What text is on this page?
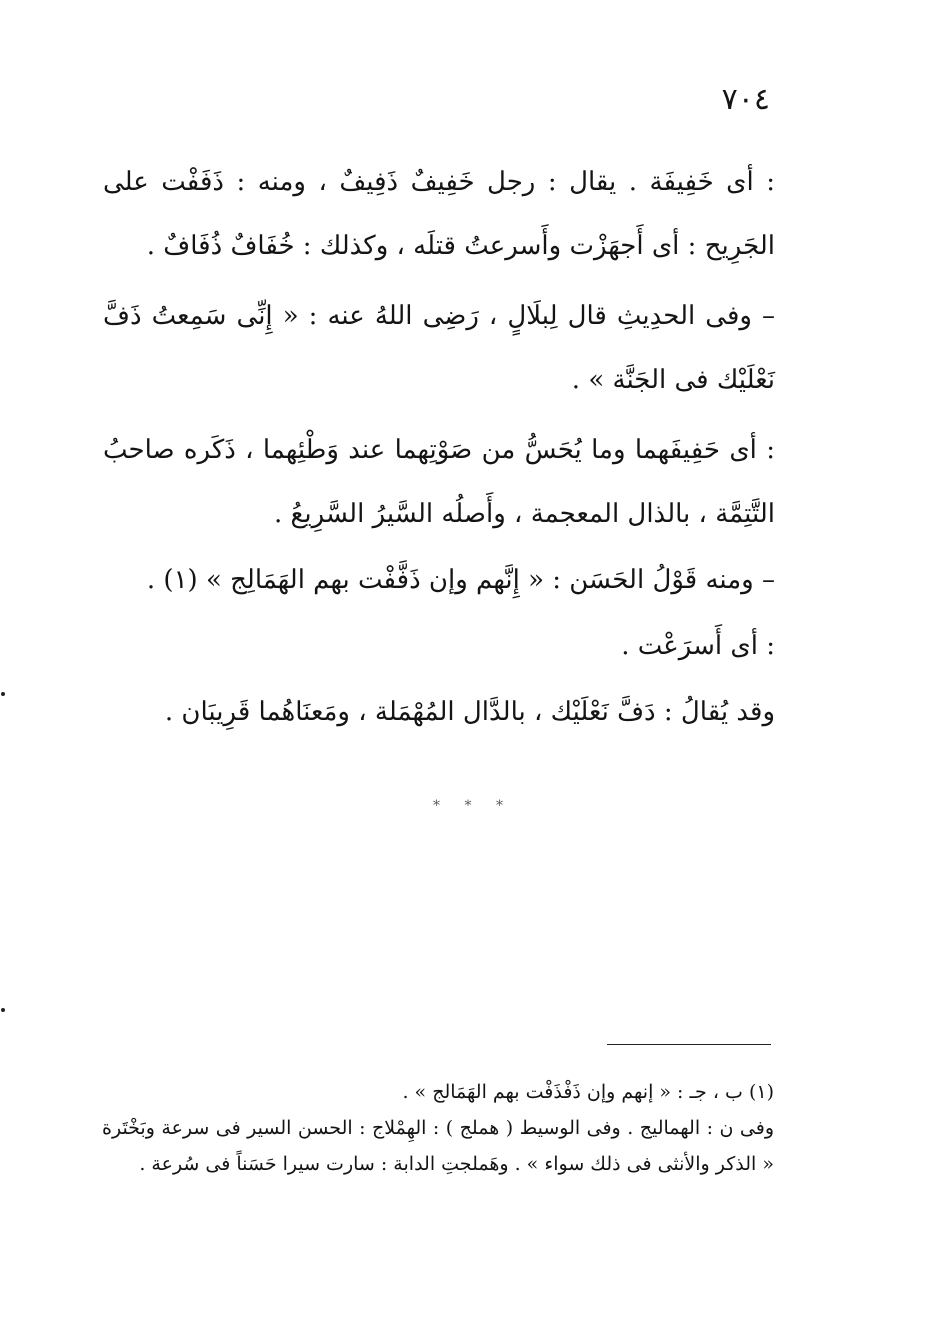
٧٠٤

: أى خَفِيفَة . يقال : رجل خَفِيفٌ ذَفِيفٌ ، ومنه : ذَفَفْت على الجَرِيح : أى أَجهَزْت وأَسرعتُ قتلَه ، وكذلك : خُفَافٌ ذُفَافٌ .

– وفى الحدِيثِ قال لِبلَالٍ ، رَضِى اللهُ عنه : « إِنِّى سَمِعتُ ذَفَّ نَعْلَيْك فى الجَنَّة » .

: أى حَفِيفَهما وما يُحَسُّ من صَوْتِهما عند وَطْئِهما ، ذَكَره صاحبُ التَّتِمَّة ، بالذال المعجمة ، وأَصلُه السَّيرُ السَّرِيعُ .

– ومنه قَوْلُ الحَسَن : « إِنَّهم وإن ذَفَّفْت بهم الهَمَالِج » (١) .

: أى أَسرَعْت .

وقد يُقالُ : دَفَّ نَعْلَيْك ، بالدَّال المُهْمَلة ، ومَعنَاهُما قَرِيبَان .

* * *

(١) ب ، جـ : « إنهم وإن ذَفْذَفْت بهم الهَمَالج » .

وفى ن : الهماليج . وفى الوسيط ( هملج ) : الهِمْلاج : الحسن السير فى سرعة وبَخْتَرة « الذكر والأنثى فى ذلك سواء » . وهَملجتِ الدابة : سارت سيرا حَسَناً فى سُرعة .
